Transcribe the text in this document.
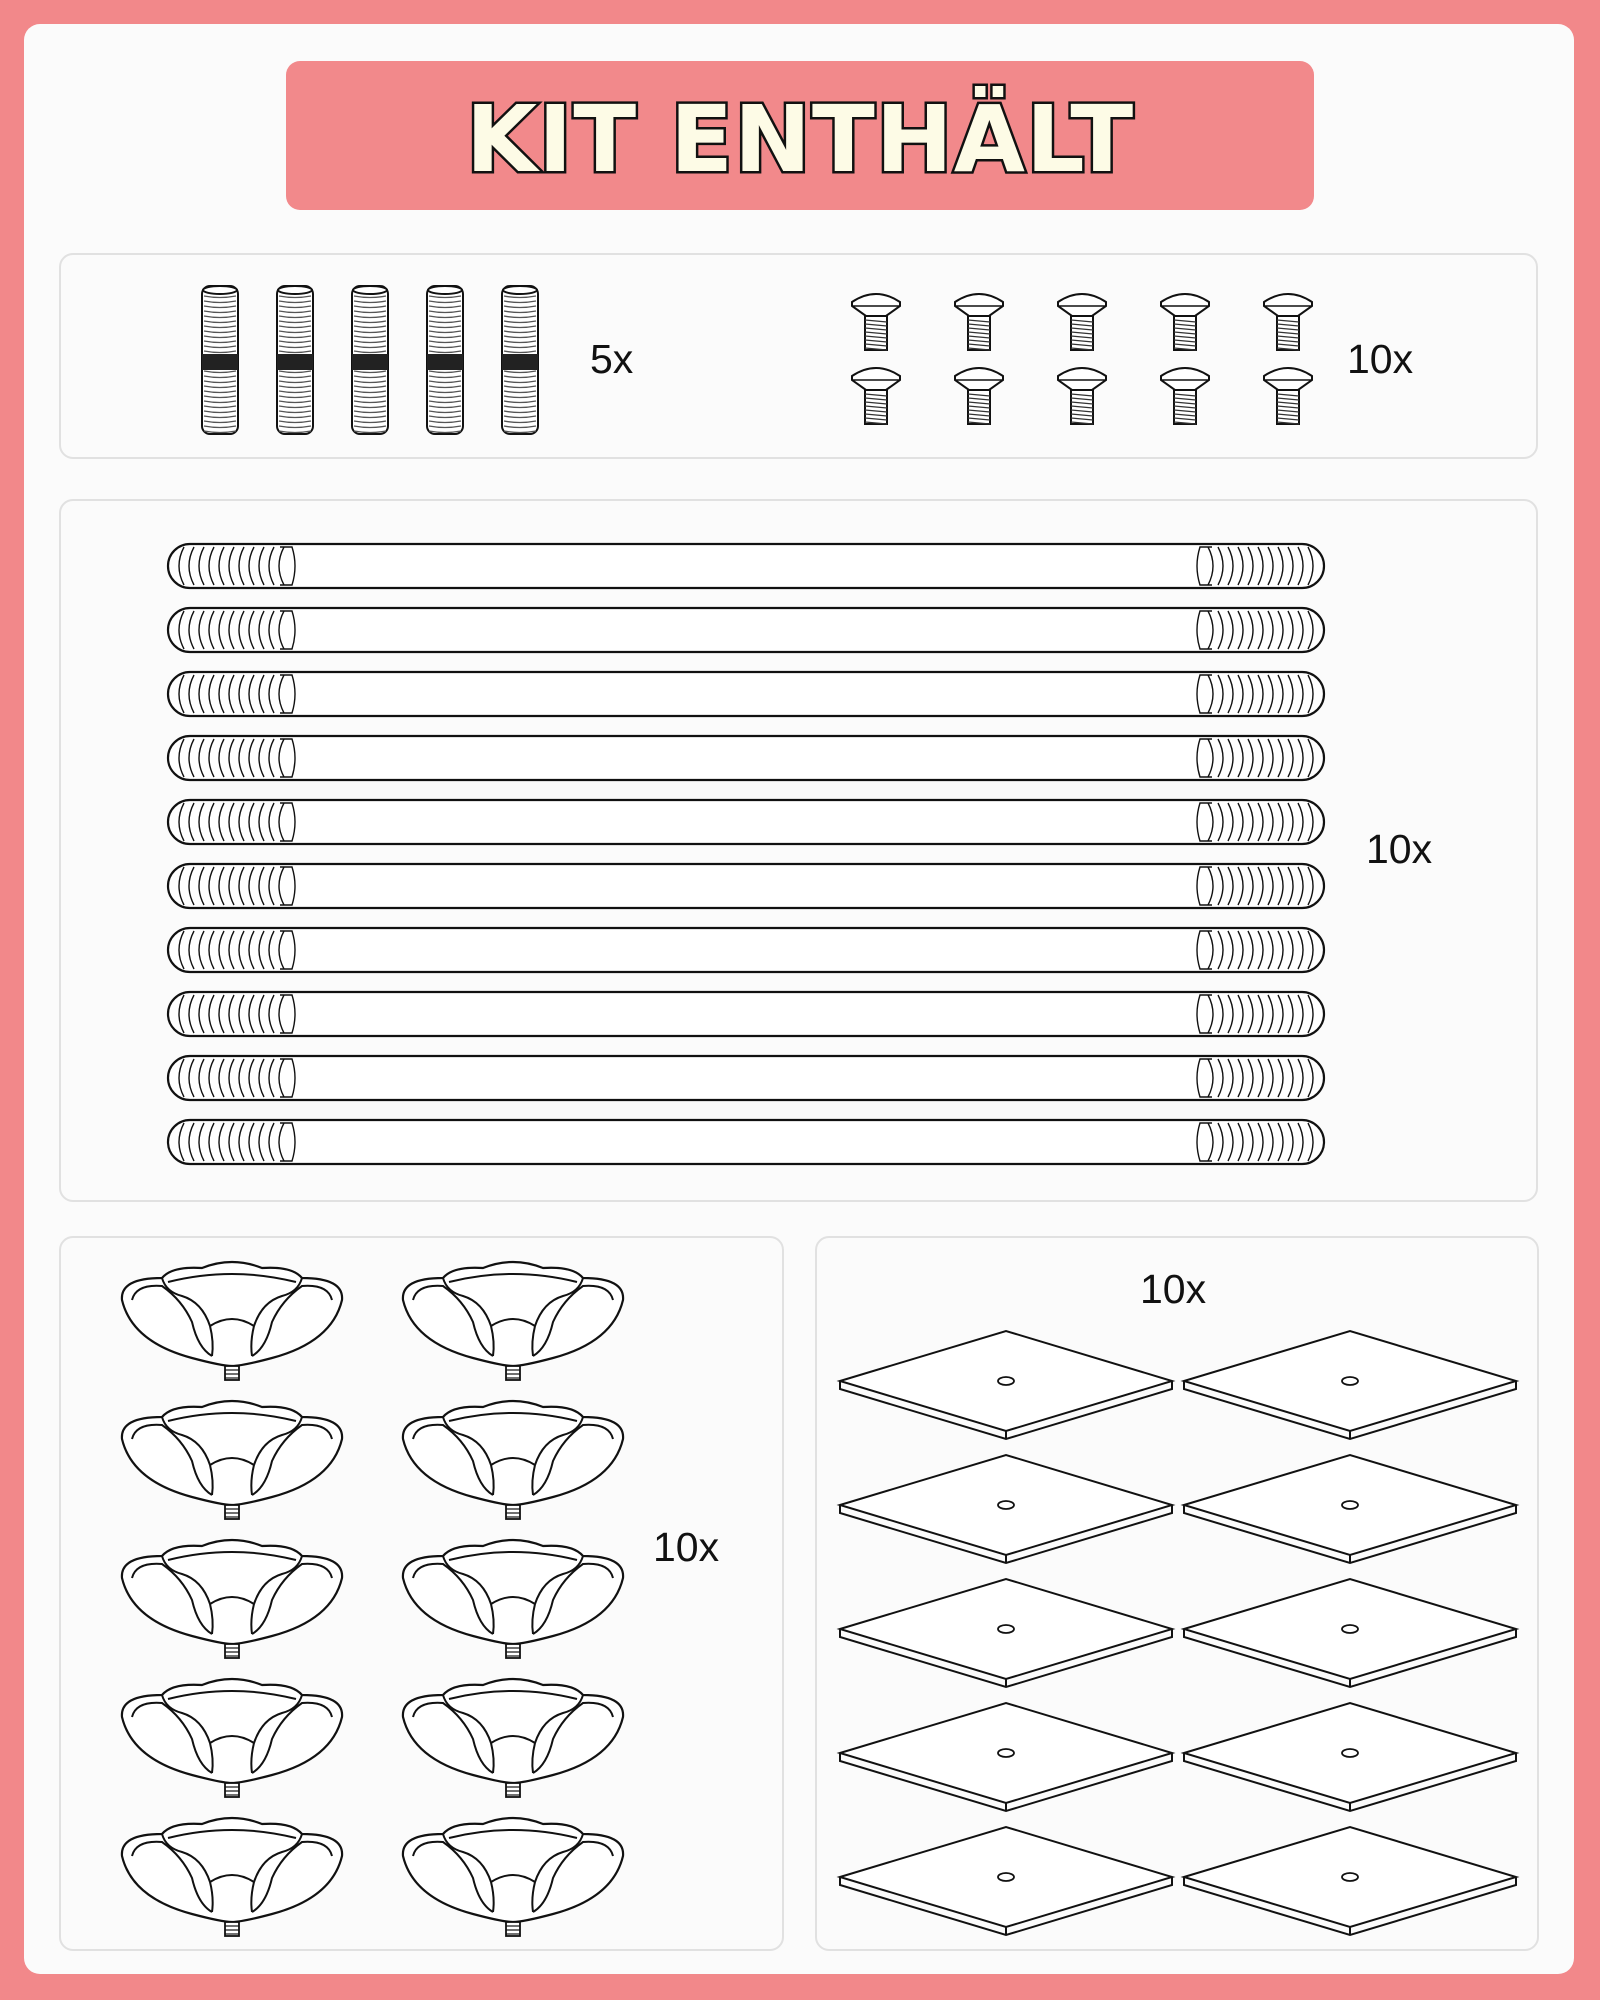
KIT ENTHÄLT
5x	10x
10x
10x
10x
